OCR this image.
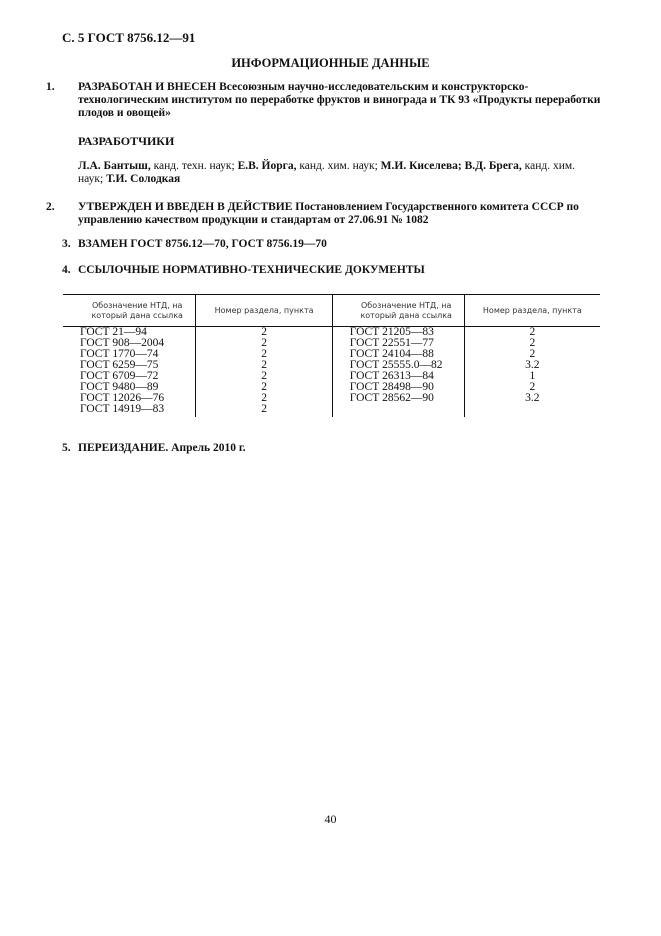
С. 5 ГОСТ 8756.12—91
ИНФОРМАЦИОННЫЕ ДАННЫЕ
1. РАЗРАБОТАН И ВНЕСЕН Всесоюзным научно-исследовательским и конструкторско-технологическим институтом по переработке фруктов и винограда и ТК 93 «Продукты переработки плодов и овощей»
РАЗРАБОТЧИКИ
Л.А. Бантыш, канд. техн. наук; Е.В. Йорга, канд. хим. наук; М.И. Киселева; В.Д. Брега, канд. хим. наук; Т.И. Солодкая
2. УТВЕРЖДЕН И ВВЕДЕН В ДЕЙСТВИЕ Постановлением Государственного комитета СССР по управлению качеством продукции и стандартам от 27.06.91 № 1082
3. ВЗАМЕН ГОСТ 8756.12—70, ГОСТ 8756.19—70
4. ССЫЛОЧНЫЕ НОРМАТИВНО-ТЕХНИЧЕСКИЕ ДОКУМЕНТЫ
Обозначение НТД, на который дана ссылка	Номер раздела, пункта	Обозначение НТД, на который дана ссылка	Номер раздела, пункта
ГОСТ 21—94	2	ГОСТ 21205—83	2
ГОСТ 908—2004	2	ГОСТ 22551—77	2
ГОСТ 1770—74	2	ГОСТ 24104—88	2
ГОСТ 6259—75	2	ГОСТ 25555.0—82	3.2
ГОСТ 6709—72	2	ГОСТ 26313—84	1
ГОСТ 9480—89	2	ГОСТ 28498—90	2
ГОСТ 12026—76	2	ГОСТ 28562—90	3.2
ГОСТ 14919—83	2		
5. ПЕРЕИЗДАНИЕ. Апрель 2010 г.
40
